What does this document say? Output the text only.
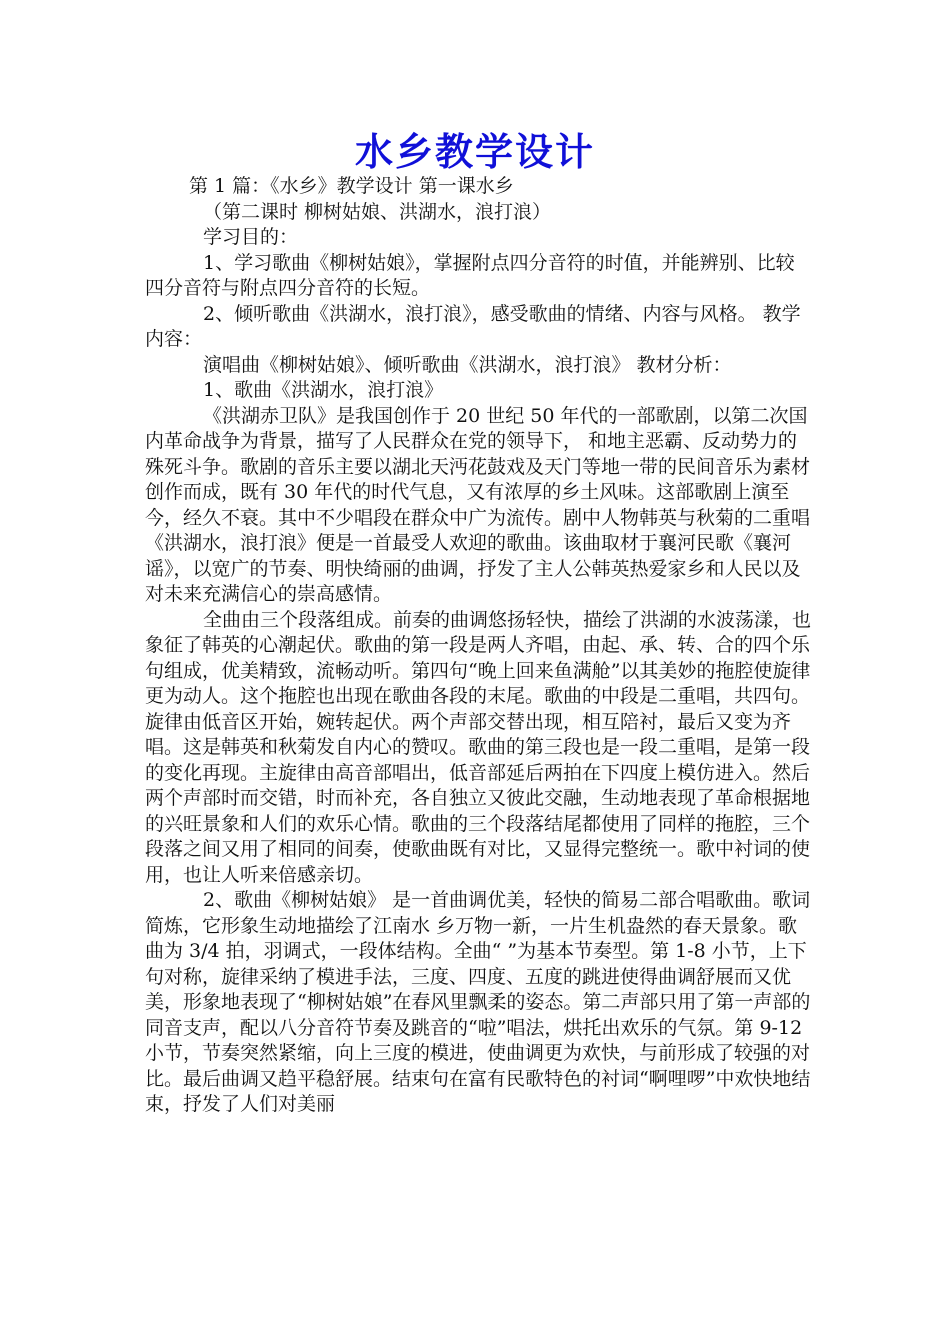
水乡教学设计

第 1 篇：《水乡》教学设计 第一课水乡

（第二课时 柳树姑娘、洪湖水，浪打浪）

学习目的：

1、学习歌曲《柳树姑娘》，掌握附点四分音符的时值，并能辨别、比较四分音符与附点四分音符的长短。

2、倾听歌曲《洪湖水，浪打浪》，感受歌曲的情绪、内容与风格。 教学内容：

演唱曲《柳树姑娘》、倾听歌曲《洪湖水，浪打浪》 教材分析：

1、歌曲《洪湖水，浪打浪》

《洪湖赤卫队》是我国创作于 20 世纪 50 年代的一部歌剧，以第二次国内革命战争为背景，描写了人民群众在党的领导下， 和地主恶霸、反动势力的殊死斗争。歌剧的音乐主要以湖北天沔花鼓戏及天门等地一带的民间音乐为素材创作而成，既有 30 年代的时代气息，又有浓厚的乡土风味。这部歌剧上演至今，经久不衰。其中不少唱段在群众中广为流传。剧中人物韩英与秋菊的二重唱《洪湖水，浪打浪》便是一首最受人欢迎的歌曲。该曲取材于襄河民歌《襄河谣》，以宽广的节奏、明快绮丽的曲调，抒发了主人公韩英热爱家乡和人民以及对未来充满信心的崇高感情。

全曲由三个段落组成。前奏的曲调悠扬轻快，描绘了洪湖的水波荡漾，也象征了韩英的心潮起伏。歌曲的第一段是两人齐唱，由起、承、转、合的四个乐句组成，优美精致，流畅动听。第四句“晚上回来鱼满舱”以其美妙的拖腔使旋律更为动人。这个拖腔也出现在歌曲各段的末尾。歌曲的中段是二重唱，共四句。旋律由低音区开始，婉转起伏。两个声部交替出现，相互陪衬，最后又变为齐唱。这是韩英和秋菊发自内心的赞叹。歌曲的第三段也是一段二重唱，是第一段的变化再现。主旋律由高音部唱出，低音部延后两拍在下四度上模仿进入。然后两个声部时而交错，时而补充，各自独立又彼此交融，生动地表现了革命根据地的兴旺景象和人们的欢乐心情。歌曲的三个段落结尾都使用了同样的拖腔，三个段落之间又用了相同的间奏，使歌曲既有对比，又显得完整统一。歌中衬词的使用，也让人听来倍感亲切。

2、歌曲《柳树姑娘》 是一首曲调优美，轻快的简易二部合唱歌曲。歌词简炼，它形象生动地描绘了江南水 乡万物一新，一片生机盎然的春天景象。歌曲为 3/4 拍，羽调式，一段体结构。全曲“ ”为基本节奏型。第 1-8 小节，上下句对称，旋律采纳了模进手法，三度、四度、五度的跳进使得曲调舒展而又优美，形象地表现了“柳树姑娘”在春风里飘柔的姿态。第二声部只用了第一声部的同音支声，配以八分音符节奏及跳音的“啦”唱法，烘托出欢乐的气氛。第 9-12 小节，节奏突然紧缩，向上三度的模进，使曲调更为欢快，与前形成了较强的对比。最后曲调又趋平稳舒展。结束句在富有民歌特色的衬词“啊哩啰”中欢快地结束，抒发了人们对美丽
